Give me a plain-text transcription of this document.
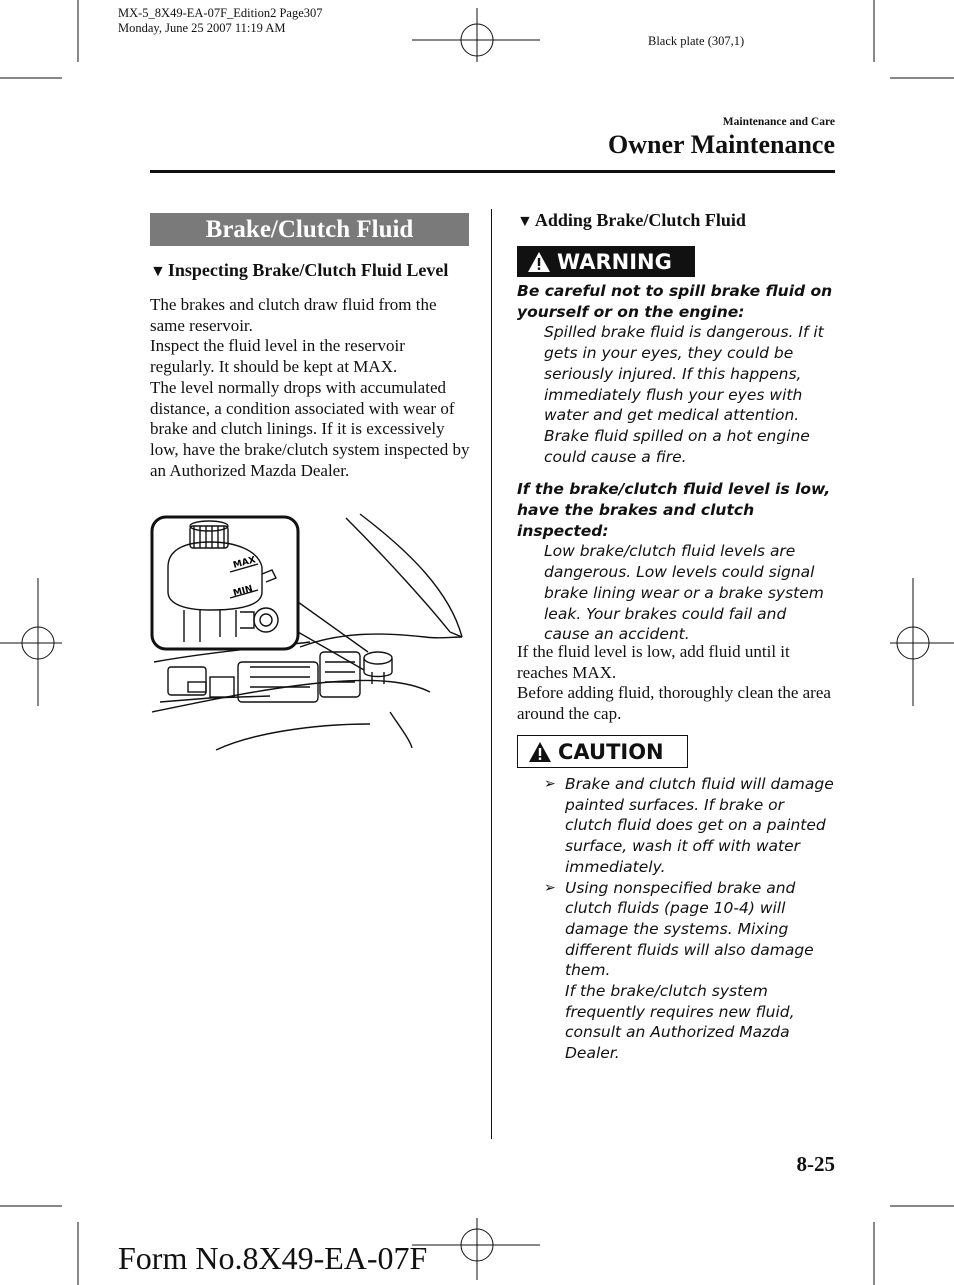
MX-5_8X49-EA-07F_Edition2 Page307
Monday, June 25 2007 11:19 AM
Black plate (307,1)
Maintenance and Care
Owner Maintenance
Brake/Clutch Fluid
▼ Inspecting Brake/Clutch Fluid Level
The brakes and clutch draw fluid from the same reservoir.
Inspect the fluid level in the reservoir regularly. It should be kept at MAX.
The level normally drops with accumulated distance, a condition associated with wear of brake and clutch linings. If it is excessively low, have the brake/clutch system inspected by an Authorized Mazda Dealer.
MAX
MIN
▼ Adding Brake/Clutch Fluid
WARNING
Be careful not to spill brake fluid on yourself or on the engine:
Spilled brake fluid is dangerous. If it gets in your eyes, they could be seriously injured. If this happens, immediately flush your eyes with water and get medical attention. Brake fluid spilled on a hot engine could cause a fire.
If the brake/clutch fluid level is low, have the brakes and clutch inspected:
Low brake/clutch fluid levels are dangerous. Low levels could signal brake lining wear or a brake system leak. Your brakes could fail and cause an accident.
If the fluid level is low, add fluid until it reaches MAX.
Before adding fluid, thoroughly clean the area around the cap.
CAUTION
➢ Brake and clutch fluid will damage painted surfaces. If brake or clutch fluid does get on a painted surface, wash it off with water immediately.
➢ Using nonspecified brake and clutch fluids (page 10-4) will damage the systems. Mixing different fluids will also damage them.
If the brake/clutch system frequently requires new fluid, consult an Authorized Mazda Dealer.
8-25
Form No.8X49-EA-07F
